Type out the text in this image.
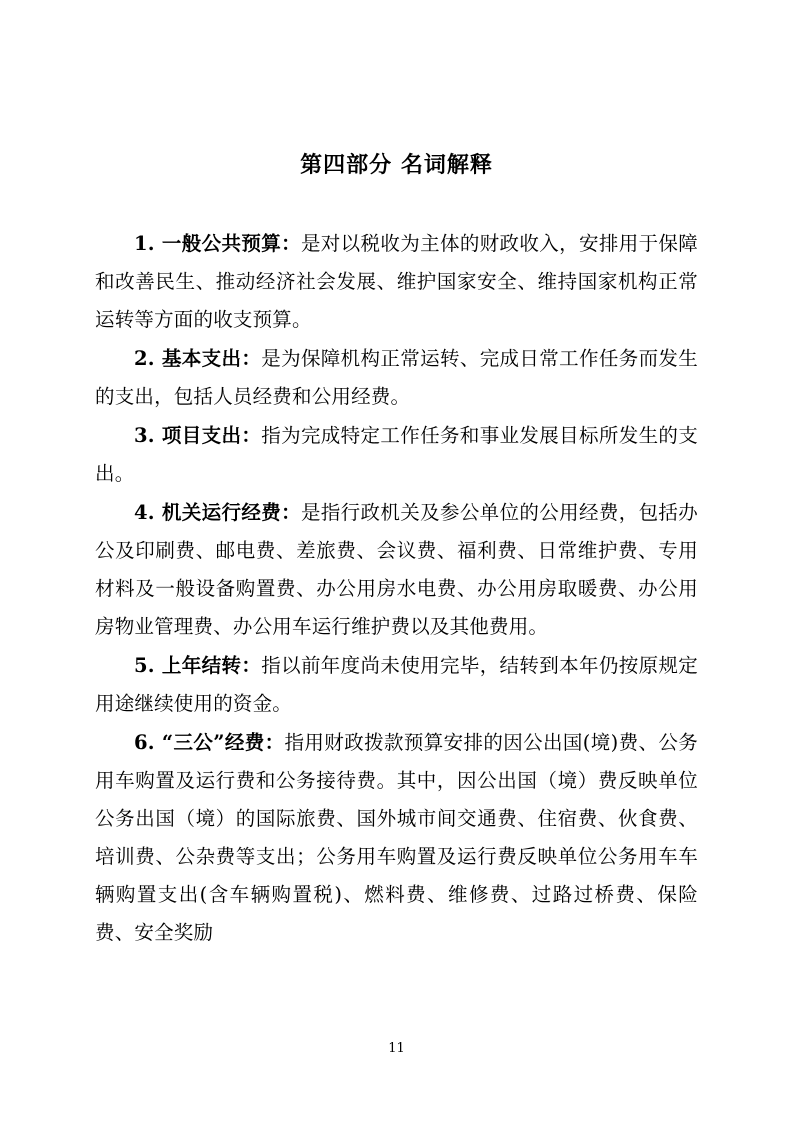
第四部分 名词解释

1. 一般公共预算：是对以税收为主体的财政收入，安排用于保障和改善民生、推动经济社会发展、维护国家安全、维持国家机构正常运转等方面的收支预算。

2. 基本支出：是为保障机构正常运转、完成日常工作任务而发生的支出，包括人员经费和公用经费。

3. 项目支出：指为完成特定工作任务和事业发展目标所发生的支出。

4. 机关运行经费：是指行政机关及参公单位的公用经费，包括办公及印刷费、邮电费、差旅费、会议费、福利费、日常维护费、专用材料及一般设备购置费、办公用房水电费、办公用房取暖费、办公用房物业管理费、办公用车运行维护费以及其他费用。

5. 上年结转：指以前年度尚未使用完毕，结转到本年仍按原规定用途继续使用的资金。

6. “三公”经费：指用财政拨款预算安排的因公出国(境)费、公务用车购置及运行费和公务接待费。其中，因公出国（境）费反映单位公务出国（境）的国际旅费、国外城市间交通费、住宿费、伙食费、培训费、公杂费等支出；公务用车购置及运行费反映单位公务用车车辆购置支出(含车辆购置税)、燃料费、维修费、过路过桥费、保险费、安全奖励

11
